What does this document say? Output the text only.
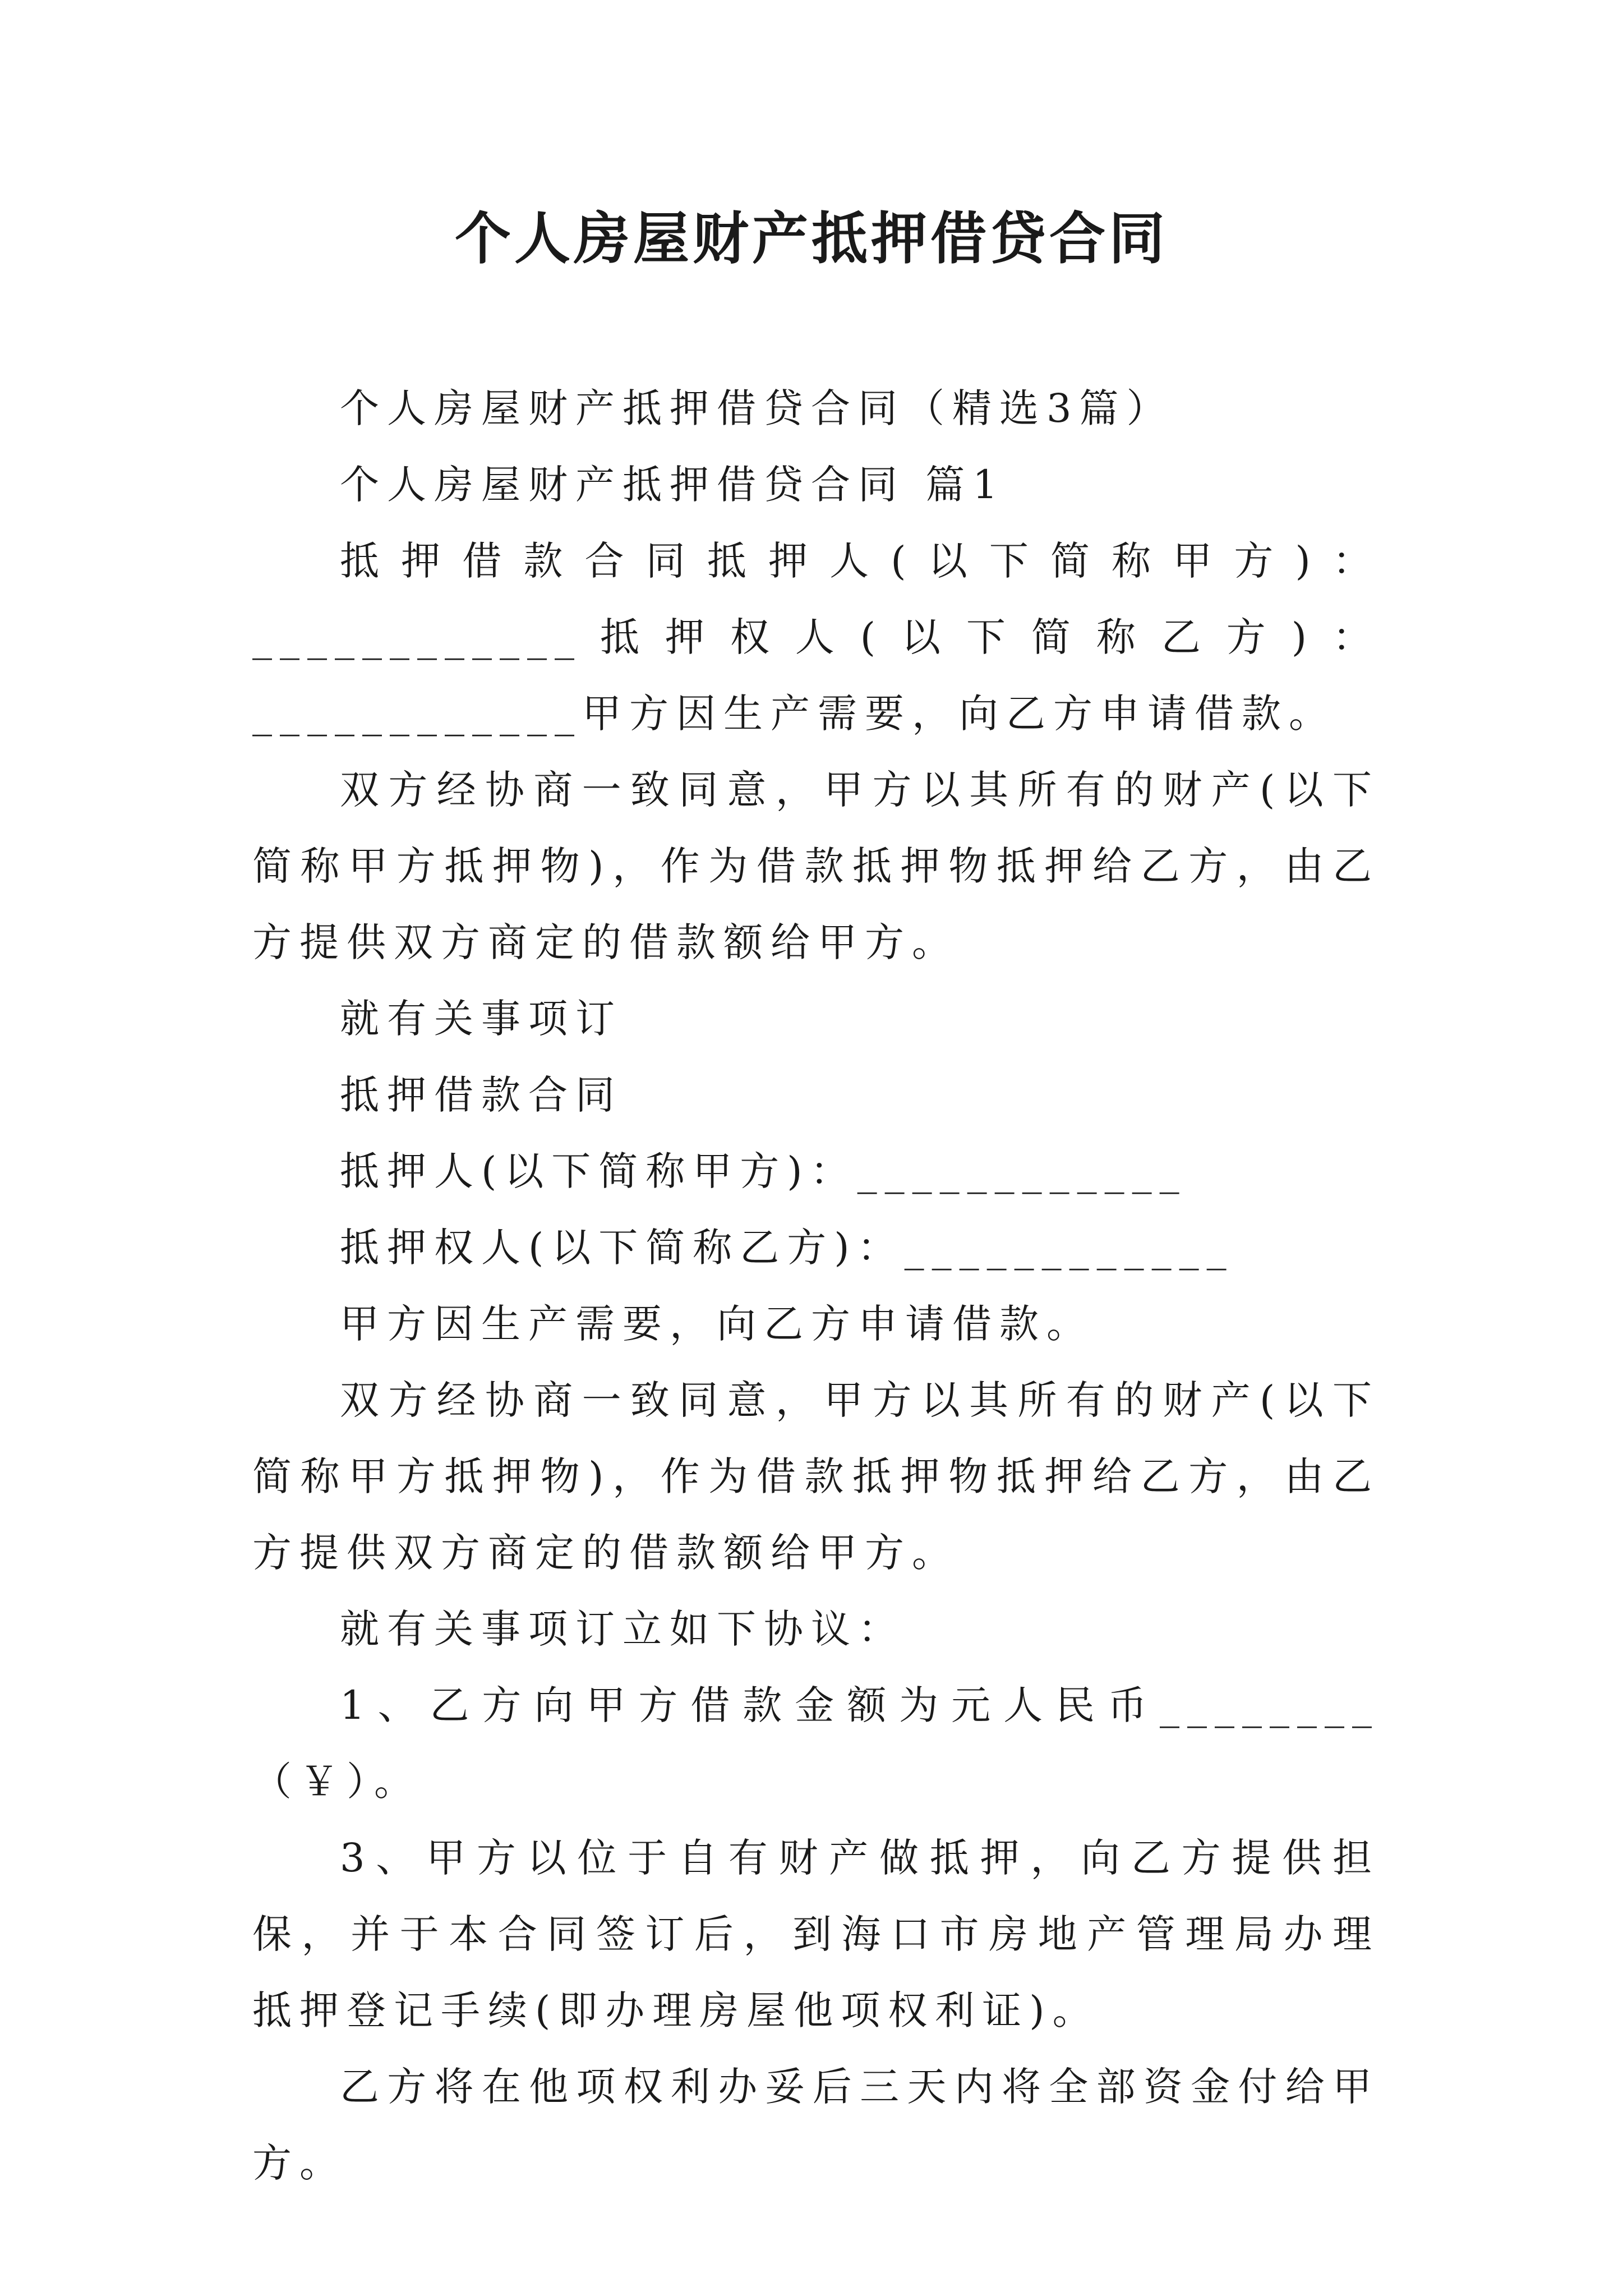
个人房屋财产抵押借贷合同

个人房屋财产抵押借贷合同（精选3篇）

个人房屋财产抵押借贷合同 篇1

抵押借款合同抵押人(以下简称甲方)：____________抵押权人(以下简称乙方)：____________甲方因生产需要，向乙方申请借款。

双方经协商一致同意，甲方以其所有的财产(以下简称甲方抵押物)，作为借款抵押物抵押给乙方，由乙方提供双方商定的借款额给甲方。

就有关事项订

抵押借款合同

抵押人(以下简称甲方)：____________

抵押权人(以下简称乙方)：____________

甲方因生产需要，向乙方申请借款。

双方经协商一致同意，甲方以其所有的财产(以下简称甲方抵押物)，作为借款抵押物抵押给乙方，由乙方提供双方商定的借款额给甲方。

就有关事项订立如下协议：

1、乙方向甲方借款金额为元人民币________（￥）。

3、甲方以位于自有财产做抵押，向乙方提供担保，并于本合同签订后，到海口市房地产管理局办理抵押登记手续(即办理房屋他项权利证)。

乙方将在他项权利办妥后三天内将全部资金付给甲方。
